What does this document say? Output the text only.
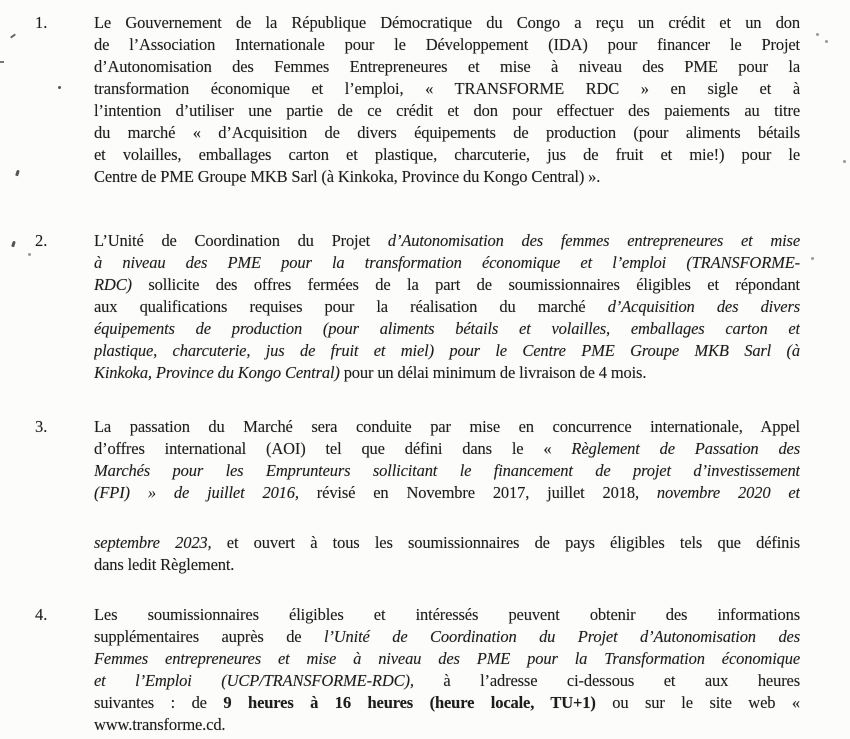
1.	Le Gouvernement de la République Démocratique du Congo a reçu un crédit et un don
de l’Association Internationale pour le Développement (IDA) pour financer le Projet
d’Autonomisation des Femmes Entrepreneures et mise à niveau des PME pour la
transformation économique et l’emploi, « TRANSFORME RDC » en sigle et à
l’intention d’utiliser une partie de ce crédit et don pour effectuer des paiements au titre
du marché « d’Acquisition de divers équipements de production (pour aliments bétails
et volailles, emballages carton et plastique, charcuterie, jus de fruit et mie!) pour le
Centre de PME Groupe MKB Sarl (à Kinkoka, Province du Kongo Central) ».
2.	L’Unité de Coordination du Projet d’Autonomisation des femmes entrepreneures et mise
à niveau des PME pour la transformation économique et l’emploi (TRANSFORME-
RDC) sollicite des offres fermées de la part de soumissionnaires éligibles et répondant
aux qualifications requises pour la réalisation du marché d’Acquisition des divers
équipements de production (pour aliments bétails et volailles, emballages carton et
plastique, charcuterie, jus de fruit et miel) pour le Centre PME Groupe MKB Sarl (à
Kinkoka, Province du Kongo Central) pour un délai minimum de livraison de 4 mois.
3.	La passation du Marché sera conduite par mise en concurrence internationale, Appel
d’offres international (AOI) tel que défini dans le « Règlement de Passation des
Marchés pour les Emprunteurs sollicitant le financement de projet d’investissement
(FPI) » de juillet 2016, révisé en Novembre 2017, juillet 2018, novembre 2020 et
septembre 2023, et ouvert à tous les soumissionnaires de pays éligibles tels que définis
dans ledit Règlement.
4.	Les soumissionnaires éligibles et intéressés peuvent obtenir des informations
supplémentaires auprès de l’Unité de Coordination du Projet d’Autonomisation des
Femmes entrepreneures et mise à niveau des PME pour la Transformation économique
et l’Emploi (UCP/TRANSFORME-RDC), à l’adresse ci-dessous et aux heures
suivantes : de 9 heures à 16 heures (heure locale, TU+1) ou sur le site web «
www.transforme.cd.
